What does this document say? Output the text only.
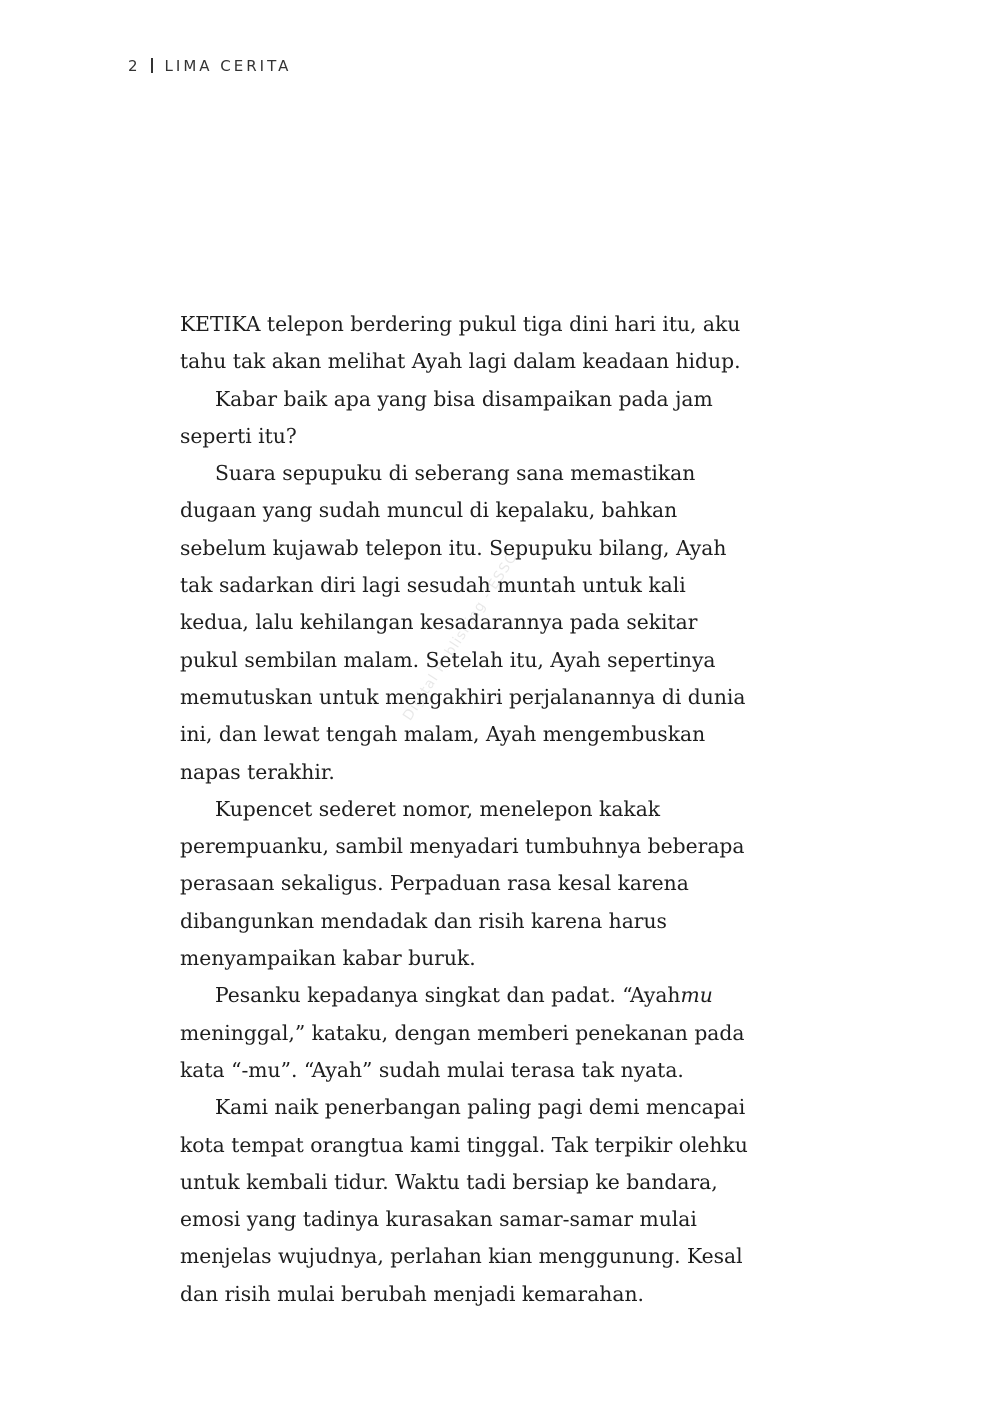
2 LIMA CERITA
Digital Publishing - ESSC
KETIKA telepon berdering pukul tiga dini hari itu, aku
tahu tak akan melihat Ayah lagi dalam keadaan hidup.
Kabar baik apa yang bisa disampaikan pada jam
seperti itu?
Suara sepupuku di seberang sana memastikan
dugaan yang sudah muncul di kepalaku, bahkan
sebelum kujawab telepon itu. Sepupuku bilang, Ayah
tak sadarkan diri lagi sesudah muntah untuk kali
kedua, lalu kehilangan kesadarannya pada sekitar
pukul sembilan malam. Setelah itu, Ayah sepertinya
memutuskan untuk mengakhiri perjalanannya di dunia
ini, dan lewat tengah malam, Ayah mengembuskan
napas terakhir.
Kupencet sederet nomor, menelepon kakak
perempuanku, sambil menyadari tumbuhnya beberapa
perasaan sekaligus. Perpaduan rasa kesal karena
dibangunkan mendadak dan risih karena harus
menyampaikan kabar buruk.
Pesanku kepadanya singkat dan padat. “Ayahmu
meninggal,” kataku, dengan memberi penekanan pada
kata “-mu”. “Ayah” sudah mulai terasa tak nyata.
Kami naik penerbangan paling pagi demi mencapai
kota tempat orangtua kami tinggal. Tak terpikir olehku
untuk kembali tidur. Waktu tadi bersiap ke bandara,
emosi yang tadinya kurasakan samar-samar mulai
menjelas wujudnya, perlahan kian menggunung. Kesal
dan risih mulai berubah menjadi kemarahan.
